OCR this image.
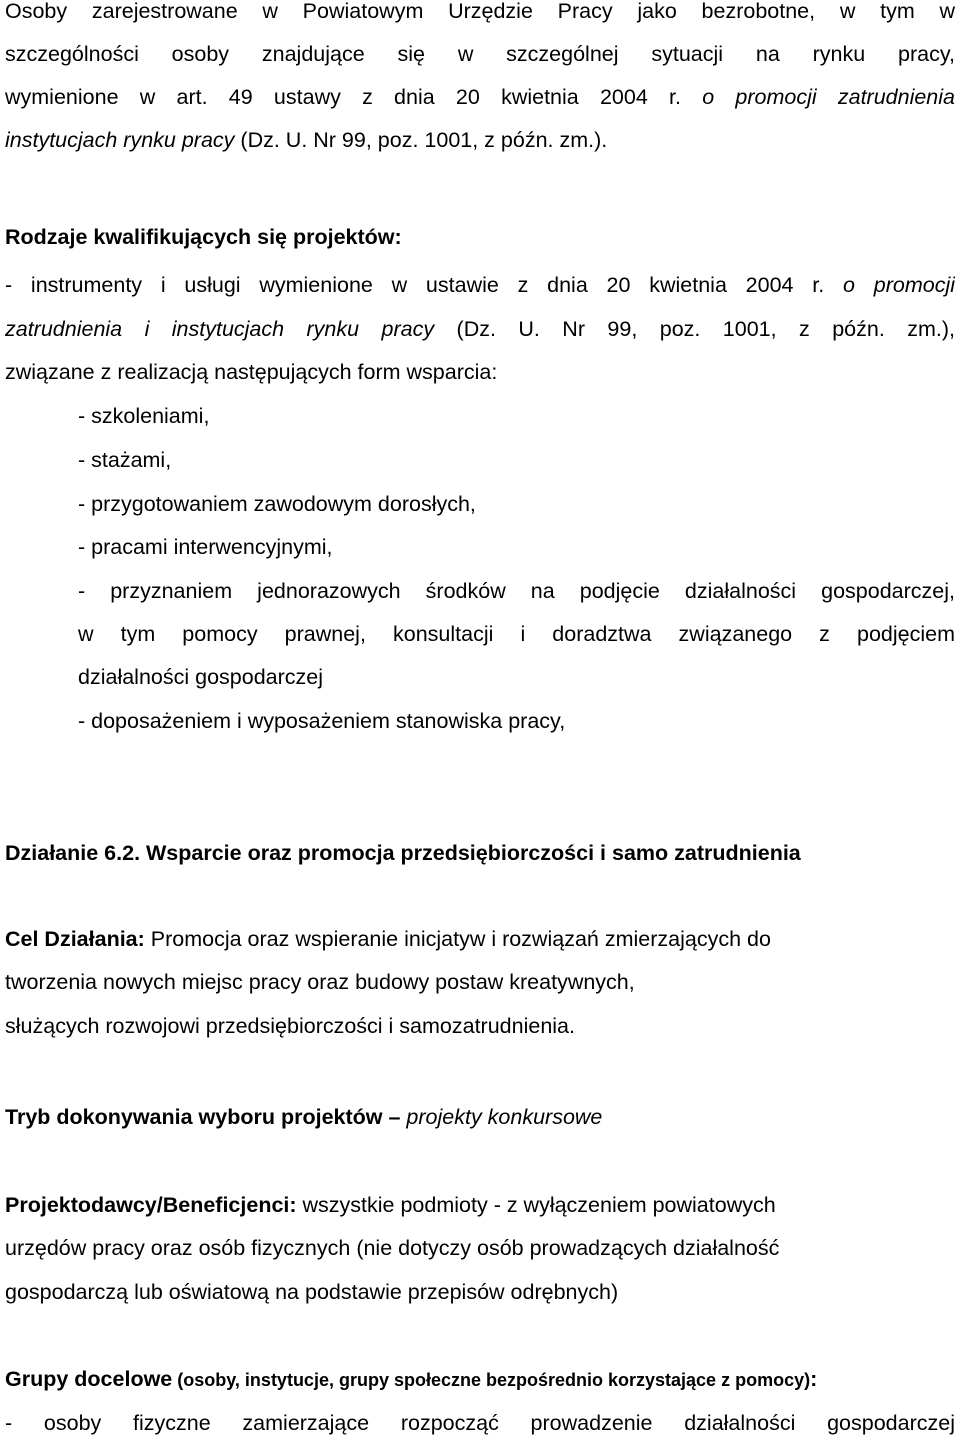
Osoby zarejestrowane w Powiatowym Urzędzie Pracy jako bezrobotne, w tym w
szczególności osoby znajdujące się w szczególnej sytuacji na rynku pracy,
wymienione w art. 49 ustawy z dnia 20 kwietnia 2004 r. o promocji zatrudnienia
instytucjach rynku pracy (Dz. U. Nr 99, poz. 1001, z późn. zm.).
Rodzaje kwalifikujących się projektów:
- instrumenty i usługi wymienione w ustawie z dnia 20 kwietnia 2004 r. o promocji
zatrudnienia i instytucjach rynku pracy (Dz. U. Nr 99, poz. 1001, z późn. zm.),
związane z realizacją następujących form wsparcia:
- szkoleniami,
- stażami,
- przygotowaniem zawodowym dorosłych,
- pracami interwencyjnymi,
- przyznaniem jednorazowych środków na podjęcie działalności gospodarczej,
w tym pomocy prawnej, konsultacji i doradztwa związanego z podjęciem
działalności gospodarczej
- doposażeniem i wyposażeniem stanowiska pracy,
Działanie 6.2. Wsparcie oraz promocja przedsiębiorczości i samo zatrudnienia
Cel Działania: Promocja oraz wspieranie inicjatyw i rozwiązań zmierzających do
tworzenia nowych miejsc pracy oraz budowy postaw kreatywnych,
służących rozwojowi przedsiębiorczości i samozatrudnienia.
Tryb dokonywania wyboru projektów – projekty konkursowe
Projektodawcy/Beneficjenci: wszystkie podmioty - z wyłączeniem powiatowych
urzędów pracy oraz osób fizycznych (nie dotyczy osób prowadzących działalność
gospodarczą lub oświatową na podstawie przepisów odrębnych)
Grupy docelowe (osoby, instytucje, grupy społeczne bezpośrednio korzystające z pomocy):
- osoby fizyczne zamierzające rozpocząć prowadzenie działalności gospodarczej
